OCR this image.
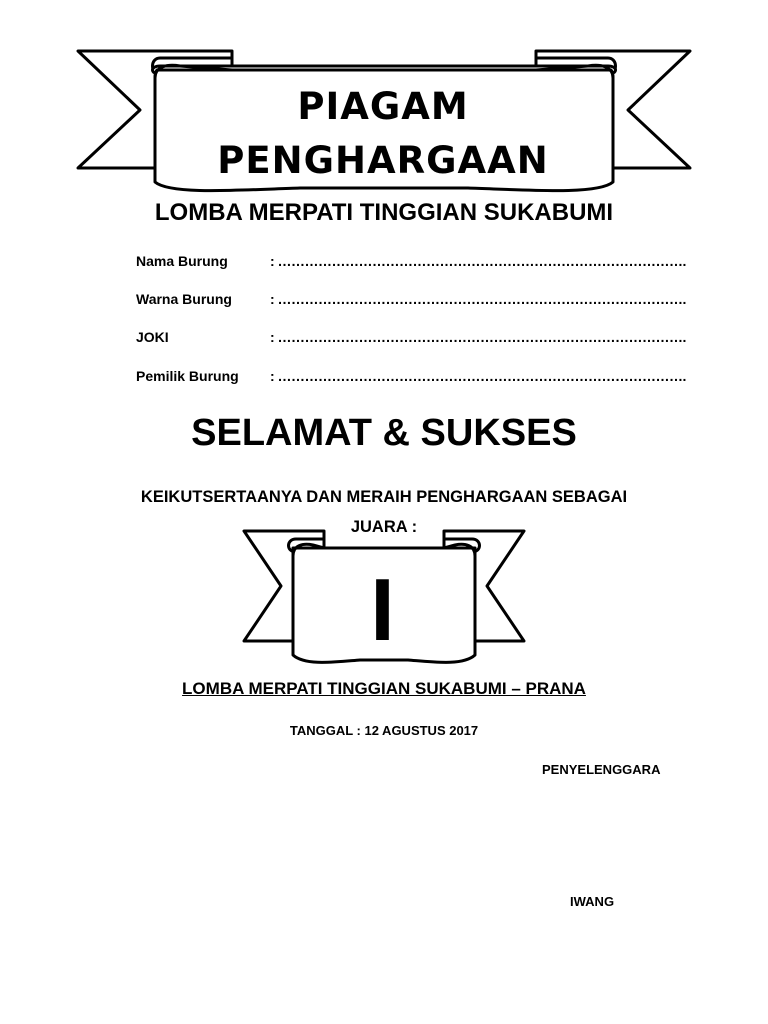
PIAGAM
PENGHARGAAN
LOMBA MERPATI TINGGIAN SUKABUMI
Nama Burung	: ……………………………………………………………………………….
Warna Burung	: ……………………………………………………………………………….
JOKI	: ……………………………………………………………………………….
Pemilik Burung : ……………………………………………………………………………….
SELAMAT & SUKSES
KEIKUTSERTAANYA DAN MERAIH PENGHARGAAN SEBAGAI
JUARA :
I
LOMBA MERPATI TINGGIAN SUKABUMI – PRANA
TANGGAL : 12 AGUSTUS 2017
PENYELENGGARA
IWANG
